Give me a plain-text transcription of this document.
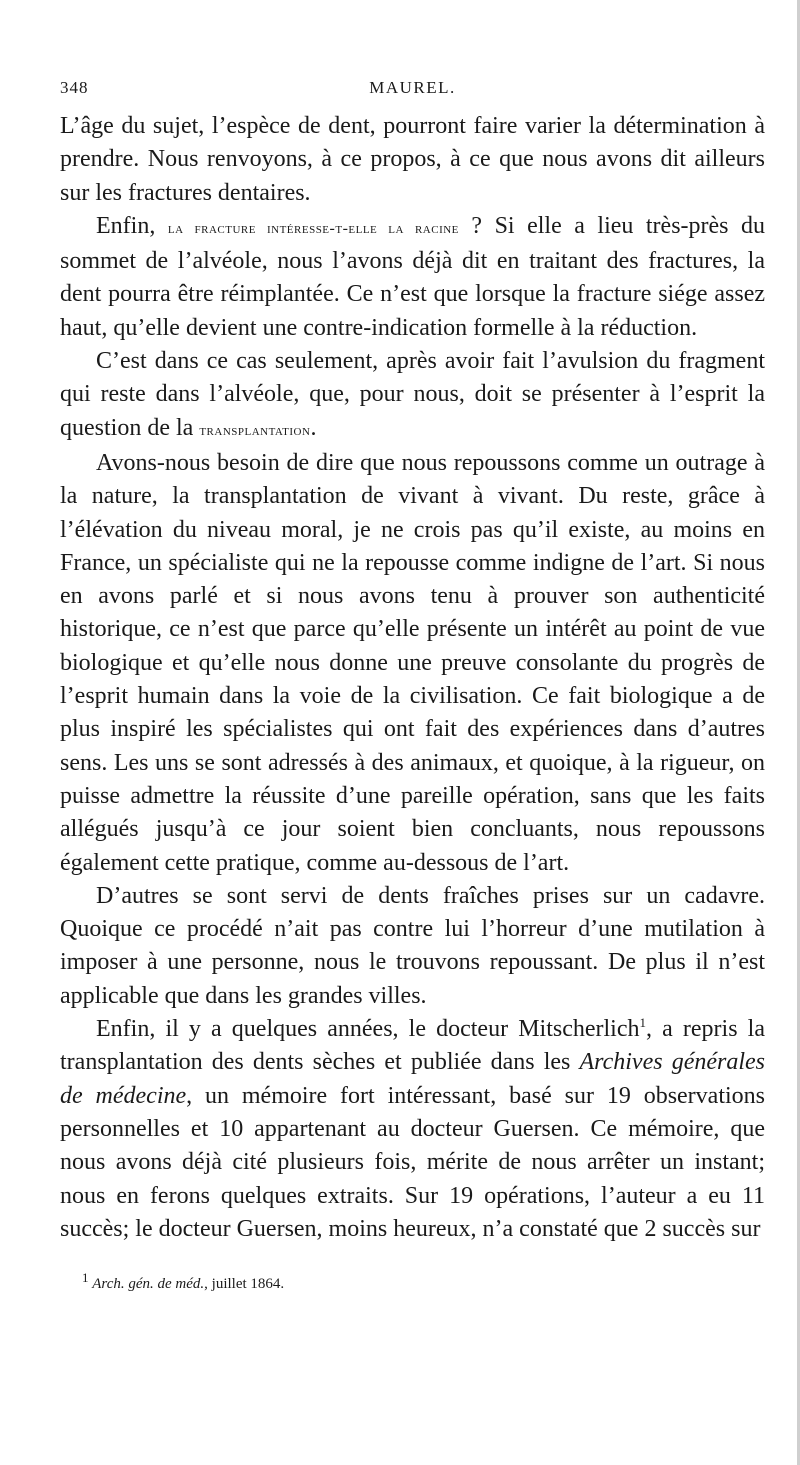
348	MAUREL.

L’âge du sujet, l’espèce de dent, pourront faire varier la détermination à prendre. Nous renvoyons, à ce propos, à ce que nous avons dit ailleurs sur les fractures dentaires.

Enfin, la fracture intéresse-t-elle la racine ? Si elle a lieu très-près du sommet de l’alvéole, nous l’avons déjà dit en traitant des fractures, la dent pourra être réimplantée. Ce n’est que lorsque la fracture siége assez haut, qu’elle devient une contre-indication formelle à la réduction.

C’est dans ce cas seulement, après avoir fait l’avulsion du fragment qui reste dans l’alvéole, que, pour nous, doit se présenter à l’esprit la question de la transplantation.

Avons-nous besoin de dire que nous repoussons comme un outrage à la nature, la transplantation de vivant à vivant. Du reste, grâce à l’élévation du niveau moral, je ne crois pas qu’il existe, au moins en France, un spécialiste qui ne la repousse comme indigne de l’art. Si nous en avons parlé et si nous avons tenu à prouver son authenticité historique, ce n’est que parce qu’elle présente un intérêt au point de vue biologique et qu’elle nous donne une preuve consolante du progrès de l’esprit humain dans la voie de la civilisation. Ce fait biologique a de plus inspiré les spécialistes qui ont fait des expériences dans d’autres sens. Les uns se sont adressés à des animaux, et quoique, à la rigueur, on puisse admettre la réussite d’une pareille opération, sans que les faits allégués jusqu’à ce jour soient bien concluants, nous repoussons également cette pratique, comme au-dessous de l’art.

D’autres se sont servi de dents fraîches prises sur un cadavre. Quoique ce procédé n’ait pas contre lui l’horreur d’une mutilation à imposer à une personne, nous le trouvons repoussant. De plus il n’est applicable que dans les grandes villes.

Enfin, il y a quelques années, le docteur Mitscherlich$^1$, a repris la transplantation des dents sèches et publiée dans les Archives générales de médecine, un mémoire fort intéressant, basé sur 19 observations personnelles et 10 appartenant au docteur Guersen. Ce mémoire, que nous avons déjà cité plusieurs fois, mérite de nous arrêter un instant; nous en ferons quelques extraits. Sur 19 opérations, l’auteur a eu 11 succès; le docteur Guersen, moins heureux, n’a constaté que 2 succès sur

$^1$ Arch. gén. de méd., juillet 1864.
